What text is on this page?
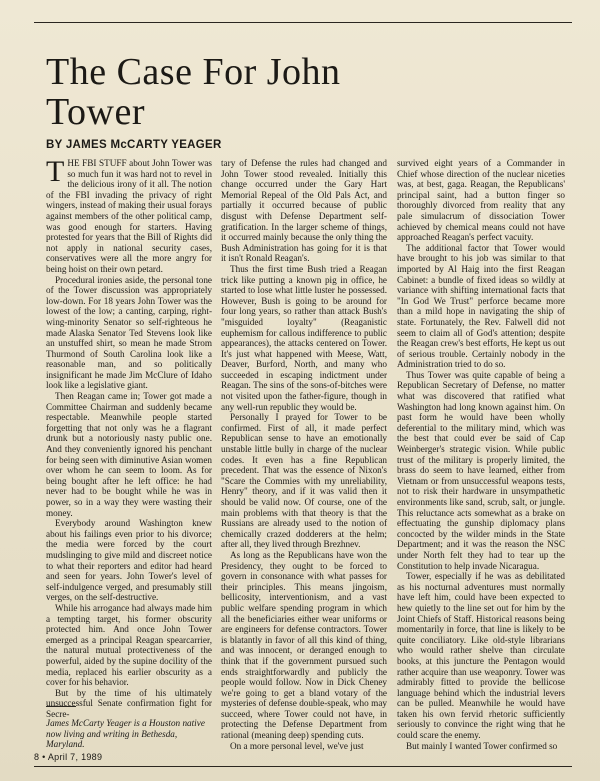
The Case For John Tower
BY JAMES McCARTY YEAGER

THE FBI STUFF about John Tower was so much fun it was hard not to revel in the delicious irony of it all. The notion of the FBI invading the privacy of right wingers, instead of making their usual forays against members of the other political camp, was good enough for starters. Having protested for years that the Bill of Rights did not apply in national security cases, conservatives were all the more angry for being hoist on their own petard.

Procedural ironies aside, the personal tone of the Tower discussion was appropriately low-down. For 18 years John Tower was the lowest of the low; a canting, carping, right-wing-minority Senator so self-righteous he made Alaska Senator Ted Stevens look like an unstuffed shirt, so mean he made Strom Thurmond of South Carolina look like a reasonable man, and so politically insignificant he made Jim McClure of Idaho look like a legislative giant.

Then Reagan came in; Tower got made a Committee Chairman and suddenly became respectable. Meanwhile people started forgetting that not only was he a flagrant drunk but a notoriously nasty public one. And they conveniently ignored his penchant for being seen with diminutive Asian women over whom he can seem to loom. As for being bought after he left office: he had never had to be bought while he was in power, so in a way they were wasting their money.

Everybody around Washington knew about his failings even prior to his divorce; the media were forced by the court mudslinging to give mild and discreet notice to what their reporters and editor had heard and seen for years. John Tower's level of self-indulgence verged, and presumably still verges, on the self-destructive.

While his arrogance had always made him a tempting target, his former obscurity protected him. And once John Tower emerged as a principal Reagan spearcarrier, the natural mutual protectiveness of the powerful, aided by the supine docility of the media, replaced his earlier obscurity as a cover for his behavior.

But by the time of his ultimately unsuccessful Senate confirmation fight for Secre-

James McCarty Yeager is a Houston native now living and writing in Bethesda, Maryland.

tary of Defense the rules had changed and John Tower stood revealed. Initially this change occurred under the Gary Hart Memorial Repeal of the Old Pals Act, and partially it occurred because of public disgust with Defense Department self-gratification. In the larger scheme of things, it occurred mainly because the only thing the Bush Administration has going for it is that it isn't Ronald Reagan's.

Thus the first time Bush tried a Reagan trick like putting a known pig in office, he started to lose what little luster he possessed. However, Bush is going to be around for four long years, so rather than attack Bush's "misguided loyalty" (Reaganistic euphemism for callous indifference to public appearances), the attacks centered on Tower. It's just what happened with Meese, Watt, Deaver, Burford, North, and many who succeeded in escaping indictment under Reagan. The sins of the sons-of-bitches were not visited upon the father-figure, though in any well-run republic they would be.

Personally I prayed for Tower to be confirmed. First of all, it made perfect Republican sense to have an emotionally unstable little bully in charge of the nuclear codes. It even has a fine Republican precedent. That was the essence of Nixon's "Scare the Commies with my unreliability, Henry" theory, and if it was valid then it should be valid now. Of course, one of the main problems with that theory is that the Russians are already used to the notion of chemically crazed dodderers at the helm; after all, they lived through Brezhnev.

As long as the Republicans have won the Presidency, they ought to be forced to govern in consonance with what passes for their principles. This means jingoism, bellicosity, interventionism, and a vast public welfare spending program in which all the beneficiaries either wear uniforms or are engineers for defense contractors. Tower is blatantly in favor of all this kind of thing, and was innocent, or deranged enough to think that if the government pursued such ends straightforwardly and publicly the people would follow. Now in Dick Cheney we're going to get a bland votary of the mysteries of defense double-speak, who may succeed, where Tower could not have, in protecting the Defense Department from rational (meaning deep) spending cuts.

On a more personal level, we've just

survived eight years of a Commander in Chief whose direction of the nuclear niceties was, at best, gaga. Reagan, the Republicans' principal saint, had a button finger so thoroughly divorced from reality that any pale simulacrum of dissociation Tower achieved by chemical means could not have approached Reagan's perfect vacuity.

The additional factor that Tower would have brought to his job was similar to that imported by Al Haig into the first Reagan Cabinet: a bundle of fixed ideas so wildly at variance with shifting international facts that "In God We Trust" perforce became more than a mild hope in navigating the ship of state. Fortunately, the Rev. Falwell did not seem to claim all of God's attention; despite the Reagan crew's best efforts, He kept us out of serious trouble. Certainly nobody in the Administration tried to do so.

Thus Tower was quite capable of being a Republican Secretary of Defense, no matter what was discovered that ratified what Washington had long known against him. On past form he would have been wholly deferential to the military mind, which was the best that could ever be said of Cap Weinberger's strategic vision. While public trust of the military is properly limited, the brass do seem to have learned, either from Vietnam or from unsuccessful weapons tests, not to risk their hardware in unsympathetic environments like sand, scrub, salt, or jungle. This reluctance acts somewhat as a brake on effectuating the gunship diplomacy plans concocted by the wilder minds in the State Department; and it was the reason the NSC under North felt they had to tear up the Constitution to help invade Nicaragua.

Tower, especially if he was as debilitated as his nocturnal adventures must normally have left him, could have been expected to hew quietly to the line set out for him by the Joint Chiefs of Staff. Historical reasons being momentarily in force, that line is likely to be quite conciliatory. Like old-style librarians who would rather shelve than circulate books, at this juncture the Pentagon would rather acquire than use weaponry. Tower was admirably fitted to provide the bellicose language behind which the industrial levers can be pulled. Meanwhile he would have taken his own fervid rhetoric sufficiently seriously to convince the right wing that he could scare the enemy.

But mainly I wanted Tower confirmed so

8 • April 7, 1989
